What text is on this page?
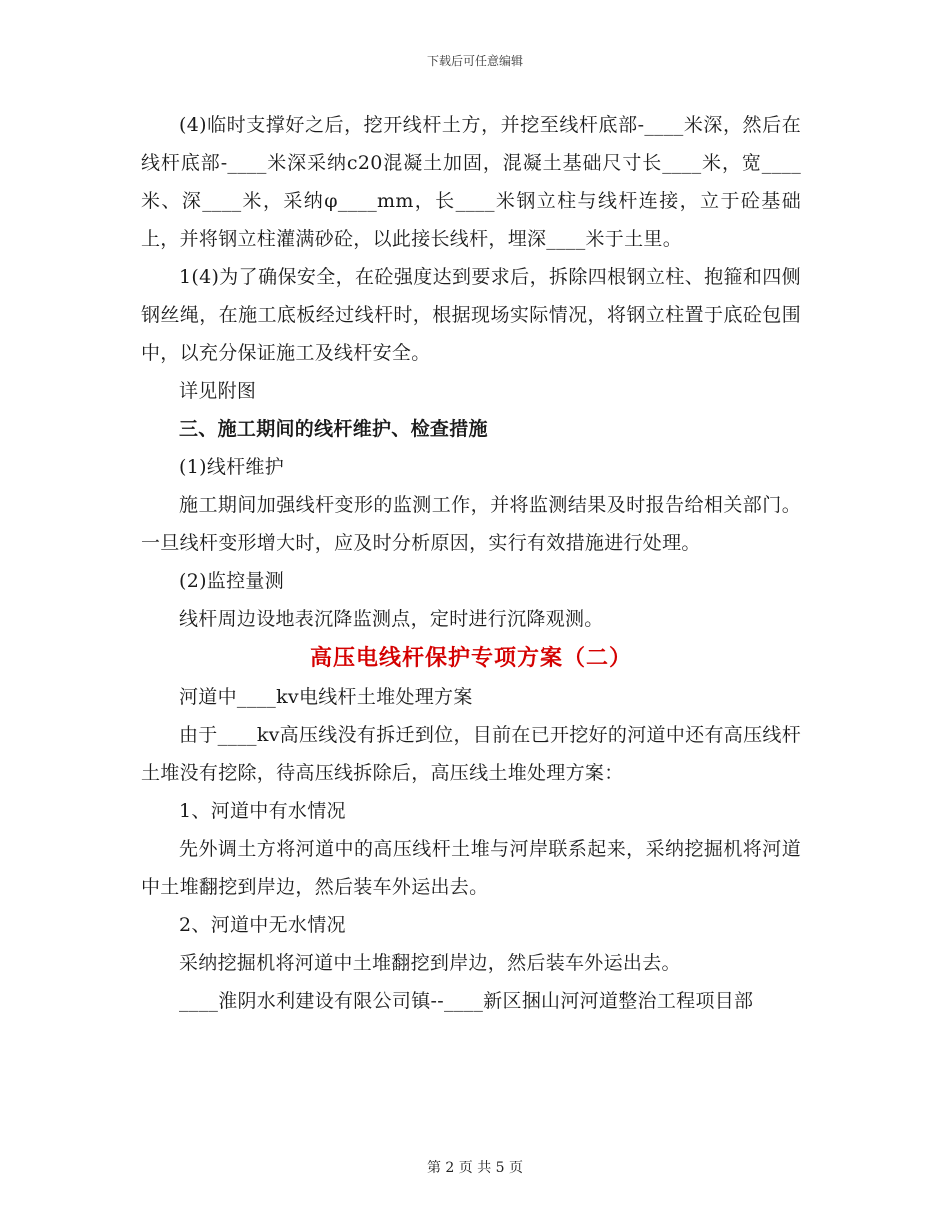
下载后可任意编辑

(4)临时支撑好之后，挖开线杆土方，并挖至线杆底部-____米深，然后在线杆底部-____米深采纳c20混凝土加固，混凝土基础尺寸长____米，宽____米、深____米，采纳φ____mm，长____米钢立柱与线杆连接，立于砼基础上，并将钢立柱灌满砂砼，以此接长线杆，埋深____米于土里。

1(4)为了确保安全，在砼强度达到要求后，拆除四根钢立柱、抱箍和四侧钢丝绳，在施工底板经过线杆时，根据现场实际情况，将钢立柱置于底砼包围中，以充分保证施工及线杆安全。

详见附图

三、施工期间的线杆维护、检查措施

(1)线杆维护

施工期间加强线杆变形的监测工作，并将监测结果及时报告给相关部门。一旦线杆变形增大时，应及时分析原因，实行有效措施进行处理。

(2)监控量测

线杆周边设地表沉降监测点，定时进行沉降观测。

高压电线杆保护专项方案（二）

河道中____kv电线杆土堆处理方案

由于____kv高压线没有拆迁到位，目前在已开挖好的河道中还有高压线杆土堆没有挖除，待高压线拆除后，高压线土堆处理方案：

1、河道中有水情况

先外调土方将河道中的高压线杆土堆与河岸联系起来，采纳挖掘机将河道中土堆翻挖到岸边，然后装车外运出去。

2、河道中无水情况

采纳挖掘机将河道中土堆翻挖到岸边，然后装车外运出去。

____淮阴水利建设有限公司镇--____新区捆山河河道整治工程项目部

第 2 页 共 5 页
